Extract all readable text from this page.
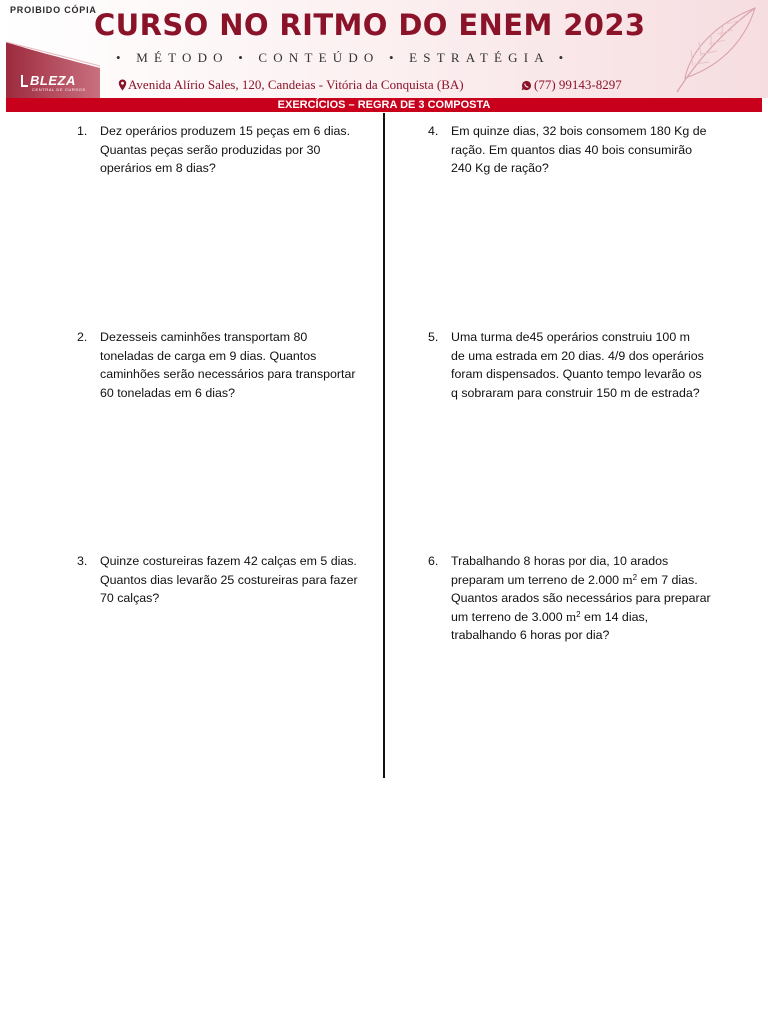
PROIBIDO CÓPIA
BLEZA
CENTRAL DE CURSOS
CURSO NO RITMO DO ENEM 2023
• MÉTODO • CONTEÚDO • ESTRATÉGIA •
Avenida Alírio Sales, 120, Candeias - Vitória da Conquista (BA)	(77) 99143-8297
EXERCÍCIOS – REGRA DE 3 COMPOSTA
1. Dez operários produzem 15 peças em 6 dias.
Quantas peças serão produzidas por 30
operários em 8 dias?
2. Dezesseis caminhões transportam 80
toneladas de carga em 9 dias. Quantos
caminhões serão necessários para transportar
60 toneladas em 6 dias?
3. Quinze costureiras fazem 42 calças em 5 dias.
Quantos dias levarão 25 costureiras para fazer
70 calças?
4. Em quinze dias, 32 bois consomem 180 Kg de
ração. Em quantos dias 40 bois consumirão
240 Kg de ração?
5. Uma turma de45 operários construiu 100 m
de uma estrada em 20 dias. 4/9 dos operários
foram dispensados. Quanto tempo levarão os
q sobraram para construir 150 m de estrada?
6. Trabalhando 8 horas por dia, 10 arados
preparam um terreno de 2.000 $m^2$ em 7 dias.
Quantos arados são necessários para preparar
um terreno de 3.000 $m^2$ em 14 dias,
trabalhando 6 horas por dia?
